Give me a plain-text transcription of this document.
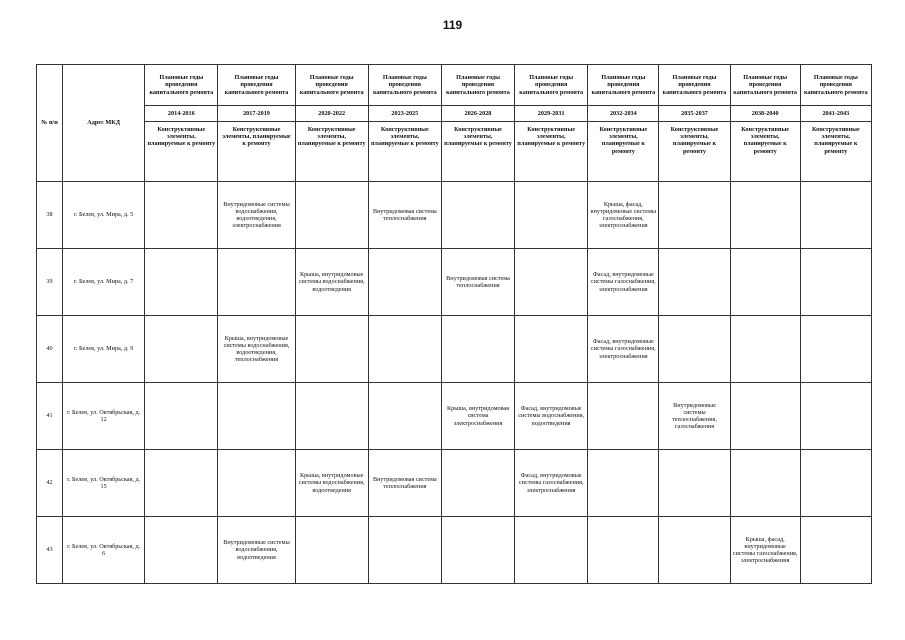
119
№ п/п	Адрес МКД	Плановые годы проведения капитального ремонта	Плановые годы проведения капитального ремонта	Плановые годы проведения капитального ремонта	Плановые годы проведения капитального ремонта	Плановые годы проведения капитального ремонта	Плановые годы проведения капитального ремонта	Плановые годы проведения капитального ремонта	Плановые годы проведения капитального ремонта	Плановые годы проведения капитального ремонта	Плановые годы проведения капитального ремонта
		2014-2016	2017-2019	2020-2022	2023-2025	2026-2028	2029-2031	2032-2034	2035-2037	2038-2040	2041-2043
		Конструктивные элементы, планируемые к ремонту	Конструктивные элементы, планируемые к ремонту	Конструктивные элементы, планируемые к ремонту	Конструктивные элементы, планируемые к ремонту	Конструктивные элементы, планируемые к ремонту	Конструктивные элементы, планируемые к ремонту	Конструктивные элементы, планируемые к ремонту	Конструктивные элементы, планируемые к ремонту	Конструктивные элементы, планируемые к ремонту	Конструктивные элементы, планируемые к ремонту
38	г. Белев, ул. Мира, д. 5		Внутридомовые системы водоснабжения, водоотведения, электроснабжения		Внутридомовая система теплоснабжения			Крыша, фасад, внутридомовые системы газоснабжения, электроснабжения			
39	г. Белев, ул. Мира, д. 7			Крыша, внутридомовые системы водоснабжения, водоотведения		Внутридомовая система теплоснабжения		Фасад, внутридомовые системы газоснабжения, электроснабжения			
40	г. Белев, ул. Мира, д. 9		Крыша, внутридомовые системы водоснабжения, водоотведения, теплоснабжения					Фасад, внутридомовые системы газоснабжения, электроснабжения			
41	г. Белев, ул. Октябрьская, д. 12					Крыша, внутридомовая система электроснабжения	Фасад, внутридомовые системы водоснабжения, водоотведения		Внутридомовые системы теплоснабжения, газоснабжения		
42	г. Белев, ул. Октябрьская, д. 15			Крыша, внутридомовые системы водоснабжения, водоотведения	Внутридомовая система теплоснабжения		Фасад, внутридомовые системы газоснабжения, электроснабжения				
43	г. Белев, ул. Октябрьская, д. 6		Внутридомовые системы водоснабжения, водоотведения							Крыша, фасад, внутридомовые системы газоснабжения, электроснабжения	
